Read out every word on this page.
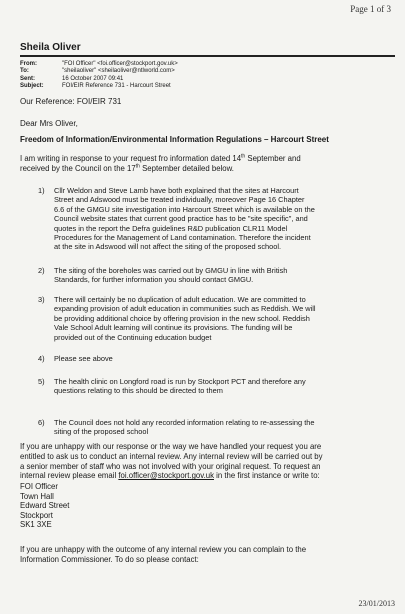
Page 1 of 3
Sheila Oliver
From:	"FOI Officer" <foi.officer@stockport.gov.uk>
To:	"sheilaoliver" <sheilaoliver@ntlworld.com>
Sent:	16 October 2007 09:41
Subject:	FOI/EIR Reference 731 - Harcourt Street
Our Reference: FOI/EIR 731
Dear Mrs Oliver,
Freedom of Information/Environmental Information Regulations – Harcourt Street
I am writing in response to your request fro information dated 14th September and
received by the Council on the 17th September detailed below.
1)	Cllr Weldon and Steve Lamb have both explained that the sites at Harcourt
Street and Adswood must be treated individually, moreover Page 16 Chapter
6.6 of the GMGU site investigation into Harcourt Street which is available on the
Council website states that current good practice has to be "site specific", and
quotes in the report the Defra guidelines R&D publication CLR11 Model
Procedures for the Management of Land contamination. Therefore the incident
at the site in Adswood will not affect the siting of the proposed school.
2)	The siting of the boreholes was carried out by GMGU in line with British
Standards, for further information you should contact GMGU.
3)	There will certainly be no duplication of adult education. We are committed to
expanding provision of adult education in communities such as Reddish. We will
be providing additional choice by offering provision in the new school. Reddish
Vale School Adult learning will continue its provisions. The funding will be
provided out of the Continuing education budget
4)	Please see above
5)	The health clinic on Longford road is run by Stockport PCT and therefore any
questions relating to this should be directed to them
6)	The Council does not hold any recorded information relating to re-assessing the
siting of the proposed school
If you are unhappy with our response or the way we have handled your request you are
entitled to ask us to conduct an internal review. Any internal review will be carried out by
a senior member of staff who was not involved with your original request. To request an
internal review please email foi.officer@stockport.gov.uk in the first instance or write to:
FOI Officer
Town Hall
Edward Street
Stockport
SK1 3XE
If you are unhappy with the outcome of any internal review you can complain to the
Information Commissioner. To do so please contact:
23/01/2013
